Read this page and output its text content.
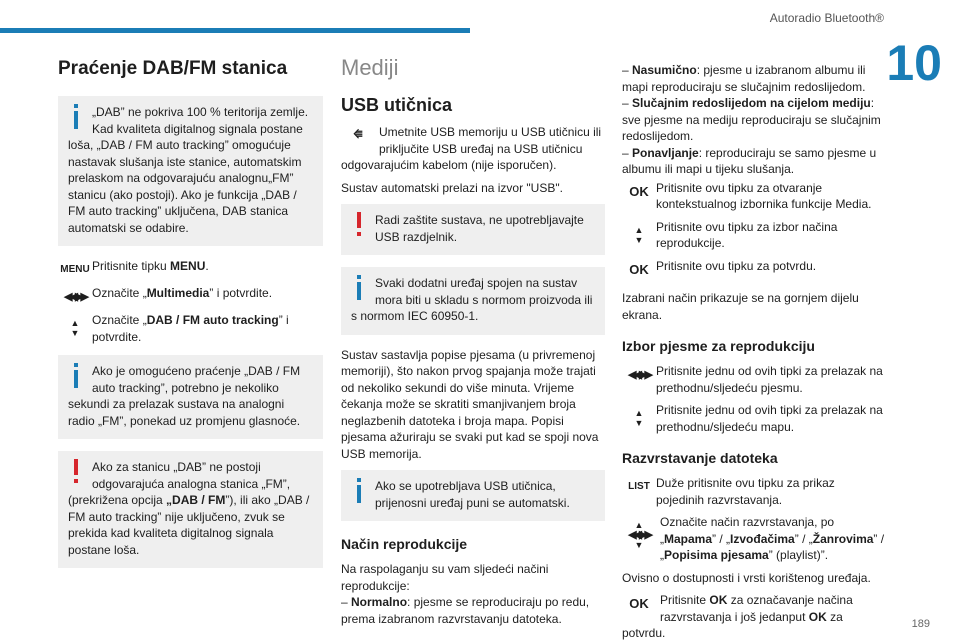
Autoradio Bluetooth®
10
189
Praćenje DAB/FM stanica

„DAB” ne pokriva 100 % teritorija zemlje. Kad kvaliteta digitalnog signala postane loša, „DAB / FM auto tracking” omogućuje nastavak slušanja iste stanice, automatskim prelaskom na odgovarajuću analognu„FM” stanicu (ako postoji). Ako je funkcija „DAB / FM auto tracking” uključena, DAB stanica automatski se odabire.

MENU Pritisnite tipku MENU.
◀◀ ▶▶ Označite „Multimedia” i potvrdite.
▲
▼
Označite „DAB / FM auto tracking” i potvrdite.

Ako je omogućeno praćenje „DAB / FM auto tracking”, potrebno je nekoliko sekundi za prelazak sustava na analogni radio „FM”, ponekad uz promjenu glasnoće.

Ako za stanicu „DAB” ne postoji odgovarajuća analogna stanica „FM”, (prekrižena opcija „DAB / FM”), ili ako „DAB / FM auto tracking” nije uključeno, zvuk se prekida kad kvaliteta digitalnog signala postane loša.

Mediji
USB utičnica
⭅	Umetnite USB memoriju u USB utičnicu ili priključite USB uređaj na USB utičnicu odgovarajućim kabelom (nije isporučen).
Sustav automatski prelazi na izvor "USB".

Radi zaštite sustava, ne upotrebljavajte USB razdjelnik.

Svaki dodatni uređaj spojen na sustav mora biti u skladu s normom proizvoda ili s normom IEC 60950-1.

Sustav sastavlja popise pjesama (u privremenoj memoriji), što nakon prvog spajanja može trajati od nekoliko sekundi do više minuta. Vrijeme čekanja može se skratiti smanjivanjem broja neglazbenih datoteka i broja mapa. Popisi pjesama ažuriraju se svaki put kad se spoji nova USB memorija.

Ako se upotrebljava USB utičnica, prijenosni uređaj puni se automatski.

Način reprodukcije

Na raspolaganju su vam sljedeći načini reprodukcije:

– Normalno: pjesme se reproduciraju po redu, prema izabranom razvrstavanju datoteka.

– Nasumično: pjesme u izabranom albumu ili mapi reproduciraju se slučajnim redoslijedom.

– Slučajnim redoslijedom na cijelom mediju: sve pjesme na mediju reproduciraju se slučajnim redoslijedom.

– Ponavljanje: reproduciraju se samo pjesme u albumu ili mapi u tijeku slušanja.

OK Pritisnite ovu tipku za otvaranje kontekstualnog izbornika funkcije Media.
▲
▼
Pritisnite ovu tipku za izbor načina reprodukcije.
OK Pritisnite ovu tipku za potvrdu.

Izabrani način prikazuje se na gornjem dijelu ekrana.

Izbor pjesme za reprodukciju
◀◀ ▶▶ Pritisnite jednu od ovih tipki za prelazak na prethodnu/sljedeću pjesmu.
▲
▼
Pritisnite jednu od ovih tipki za prelazak na prethodnu/sljedeću mapu.
Razvrstavanje datoteka
LIST Duže pritisnite ovu tipku za prikaz pojedinih razvrstavanja.
▲
◀◀▶▶
▼
Označite način razvrstavanja, po „Mapama” / „Izvođačima” / „Žanrovima” / „Popisima pjesama” (playlist)”.

Ovisno o dostupnosti i vrsti korištenog uređaja.

OK Pritisnite OK za označavanje načina razvrstavanja i još jedanput OK za potvrdu.
